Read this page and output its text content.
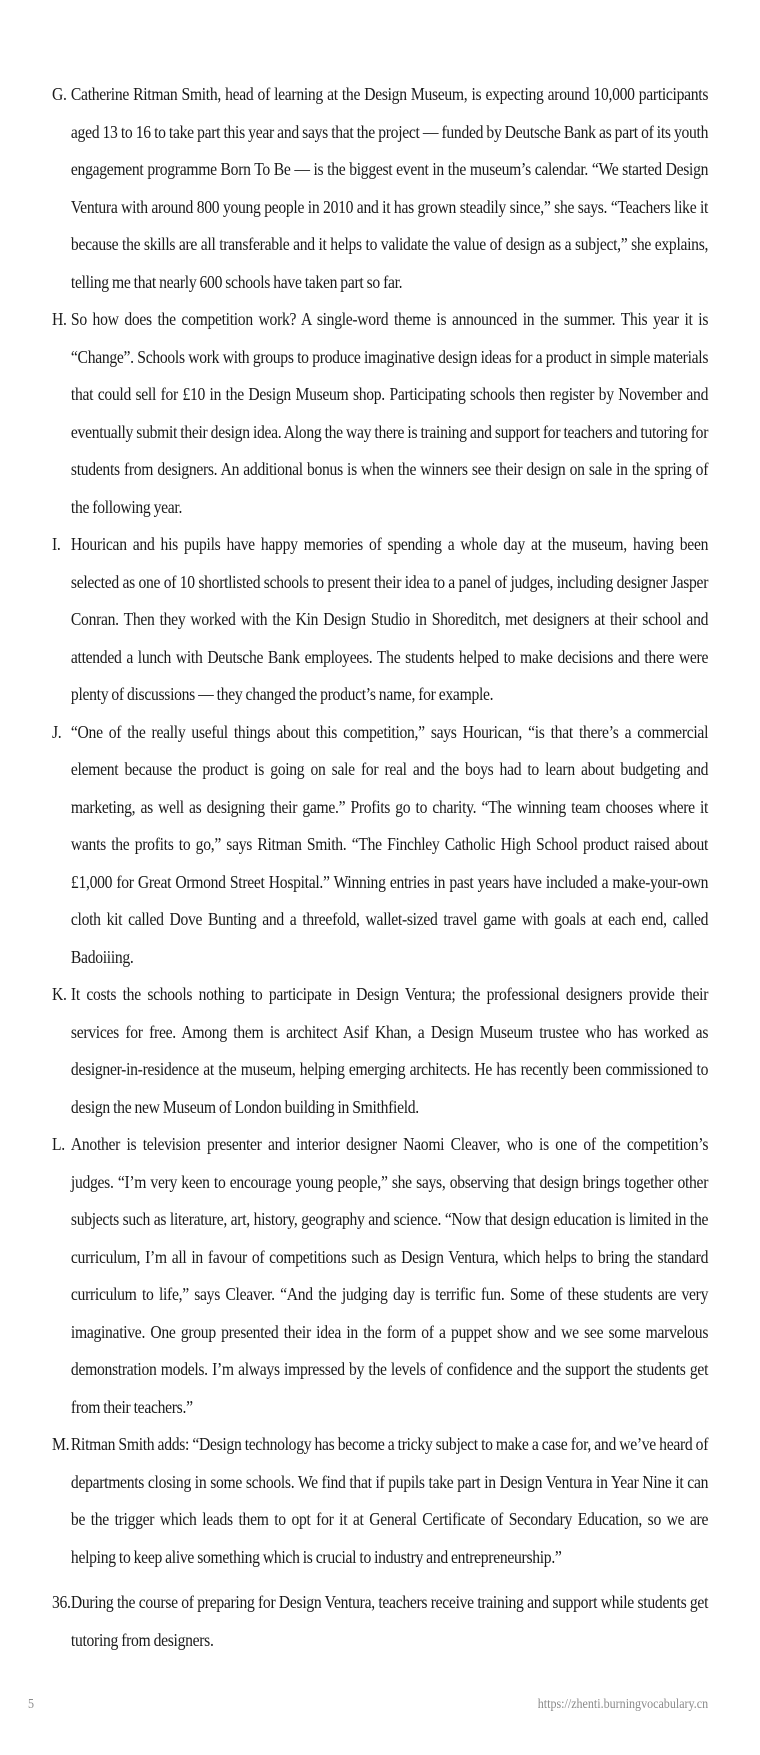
G. Catherine Ritman Smith, head of learning at the Design Museum, is expecting around 10,000 participants aged 13 to 16 to take part this year and says that the project — funded by Deutsche Bank as part of its youth engagement programme Born To Be — is the biggest event in the museum’s calendar. “We started Design Ventura with around 800 young people in 2010 and it has grown steadily since,” she says. “Teachers like it because the skills are all transferable and it helps to validate the value of design as a subject,” she explains, telling me that nearly 600 schools have taken part so far.
H. So how does the competition work? A single-word theme is announced in the summer. This year it is “Change”. Schools work with groups to produce imaginative design ideas for a product in simple materials that could sell for £10 in the Design Museum shop. Participating schools then register by November and eventually submit their design idea. Along the way there is training and support for teachers and tutoring for students from designers. An additional bonus is when the winners see their design on sale in the spring of the following year.
I. Hourican and his pupils have happy memories of spending a whole day at the museum, having been selected as one of 10 shortlisted schools to present their idea to a panel of judges, including designer Jasper Conran. Then they worked with the Kin Design Studio in Shoreditch, met designers at their school and attended a lunch with Deutsche Bank employees. The students helped to make decisions and there were plenty of discussions — they changed the product’s name, for example.
J. “One of the really useful things about this competition,” says Hourican, “is that there’s a commercial element because the product is going on sale for real and the boys had to learn about budgeting and marketing, as well as designing their game.” Profits go to charity. “The winning team chooses where it wants the profits to go,” says Ritman Smith. “The Finchley Catholic High School product raised about £1,000 for Great Ormond Street Hospital.” Winning entries in past years have included a make-your-own cloth kit called Dove Bunting and a threefold, wallet-sized travel game with goals at each end, called Badoiiing.
K. It costs the schools nothing to participate in Design Ventura; the professional designers provide their services for free. Among them is architect Asif Khan, a Design Museum trustee who has worked as designer-in-residence at the museum, helping emerging architects. He has recently been commissioned to design the new Museum of London building in Smithfield.
L. Another is television presenter and interior designer Naomi Cleaver, who is one of the competition’s judges. “I’m very keen to encourage young people,” she says, observing that design brings together other subjects such as literature, art, history, geography and science. “Now that design education is limited in the curriculum, I’m all in favour of competitions such as Design Ventura, which helps to bring the standard curriculum to life,” says Cleaver. “And the judging day is terrific fun. Some of these students are very imaginative. One group presented their idea in the form of a puppet show and we see some marvelous demonstration models. I’m always impressed by the levels of confidence and the support the students get from their teachers.”
M. Ritman Smith adds: “Design technology has become a tricky subject to make a case for, and we’ve heard of departments closing in some schools. We find that if pupils take part in Design Ventura in Year Nine it can be the trigger which leads them to opt for it at General Certificate of Secondary Education, so we are helping to keep alive something which is crucial to industry and entrepreneurship.”
36. During the course of preparing for Design Ventura, teachers receive training and support while students get tutoring from designers.
5	https://zhenti.burningvocabulary.cn
